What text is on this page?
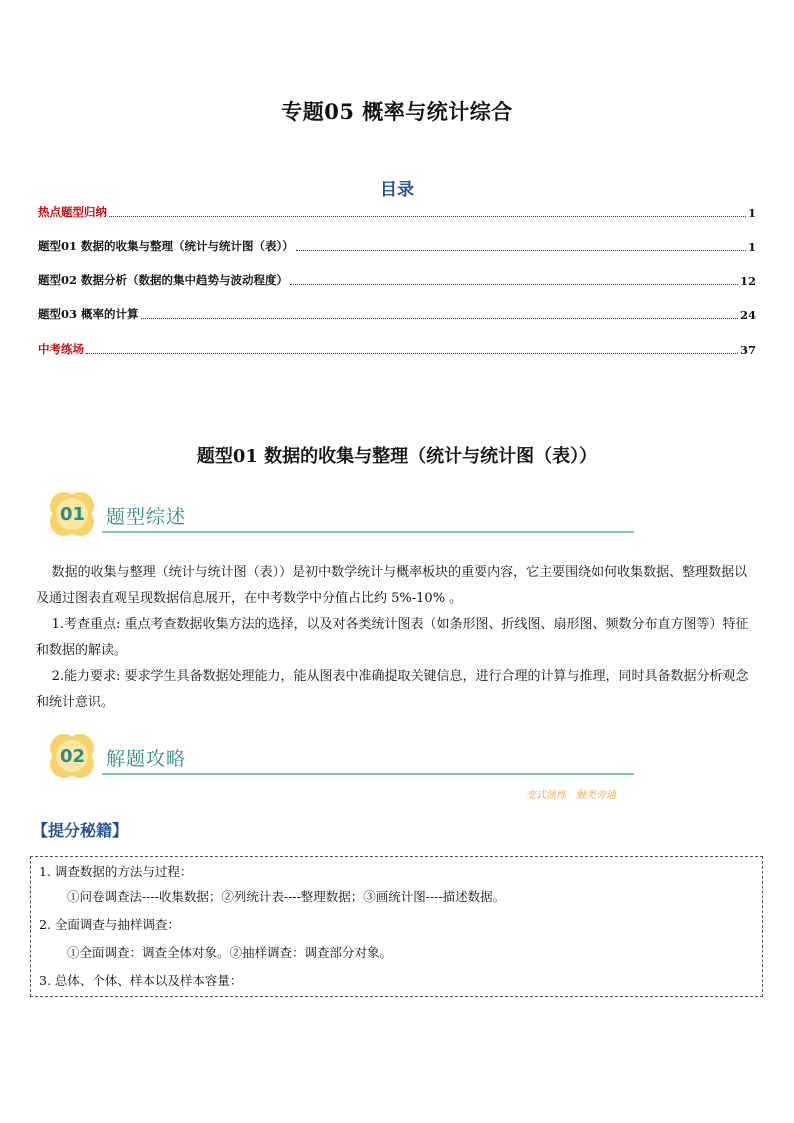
专题05 概率与统计综合
目录
热点题型归纳	1
题型01 数据的收集与整理（统计与统计图（表））	1
题型02 数据分析（数据的集中趋势与波动程度）	12
题型03 概率的计算	24
中考练场	37
题型01 数据的收集与整理（统计与统计图（表））
01 题型综述

数据的收集与整理（统计与统计图（表））是初中数学统计与概率板块的重要内容，它主要围绕如何收集数据、整理数据以及通过图表直观呈现数据信息展开，在中考数学中分值占比约 5%-10% 。

1.考查重点: 重点考查数据收集方法的选择，以及对各类统计图表（如条形图、折线图、扇形图、频数分布直方图等）特征和数据的解读。

2.能力要求: 要求学生具备数据处理能力，能从图表中准确提取关键信息，进行合理的计算与推理，同时具备数据分析观念和统计意识。

02 解题攻略
变式演练　触类旁通
【提分秘籍】
1. 调查数据的方法与过程：
①问卷调查法----收集数据；②列统计表----整理数据；③画统计图----描述数据。
2. 全面调查与抽样调查：
①全面调查：调查全体对象。②抽样调查：调查部分对象。
3. 总体、个体、样本以及样本容量：
